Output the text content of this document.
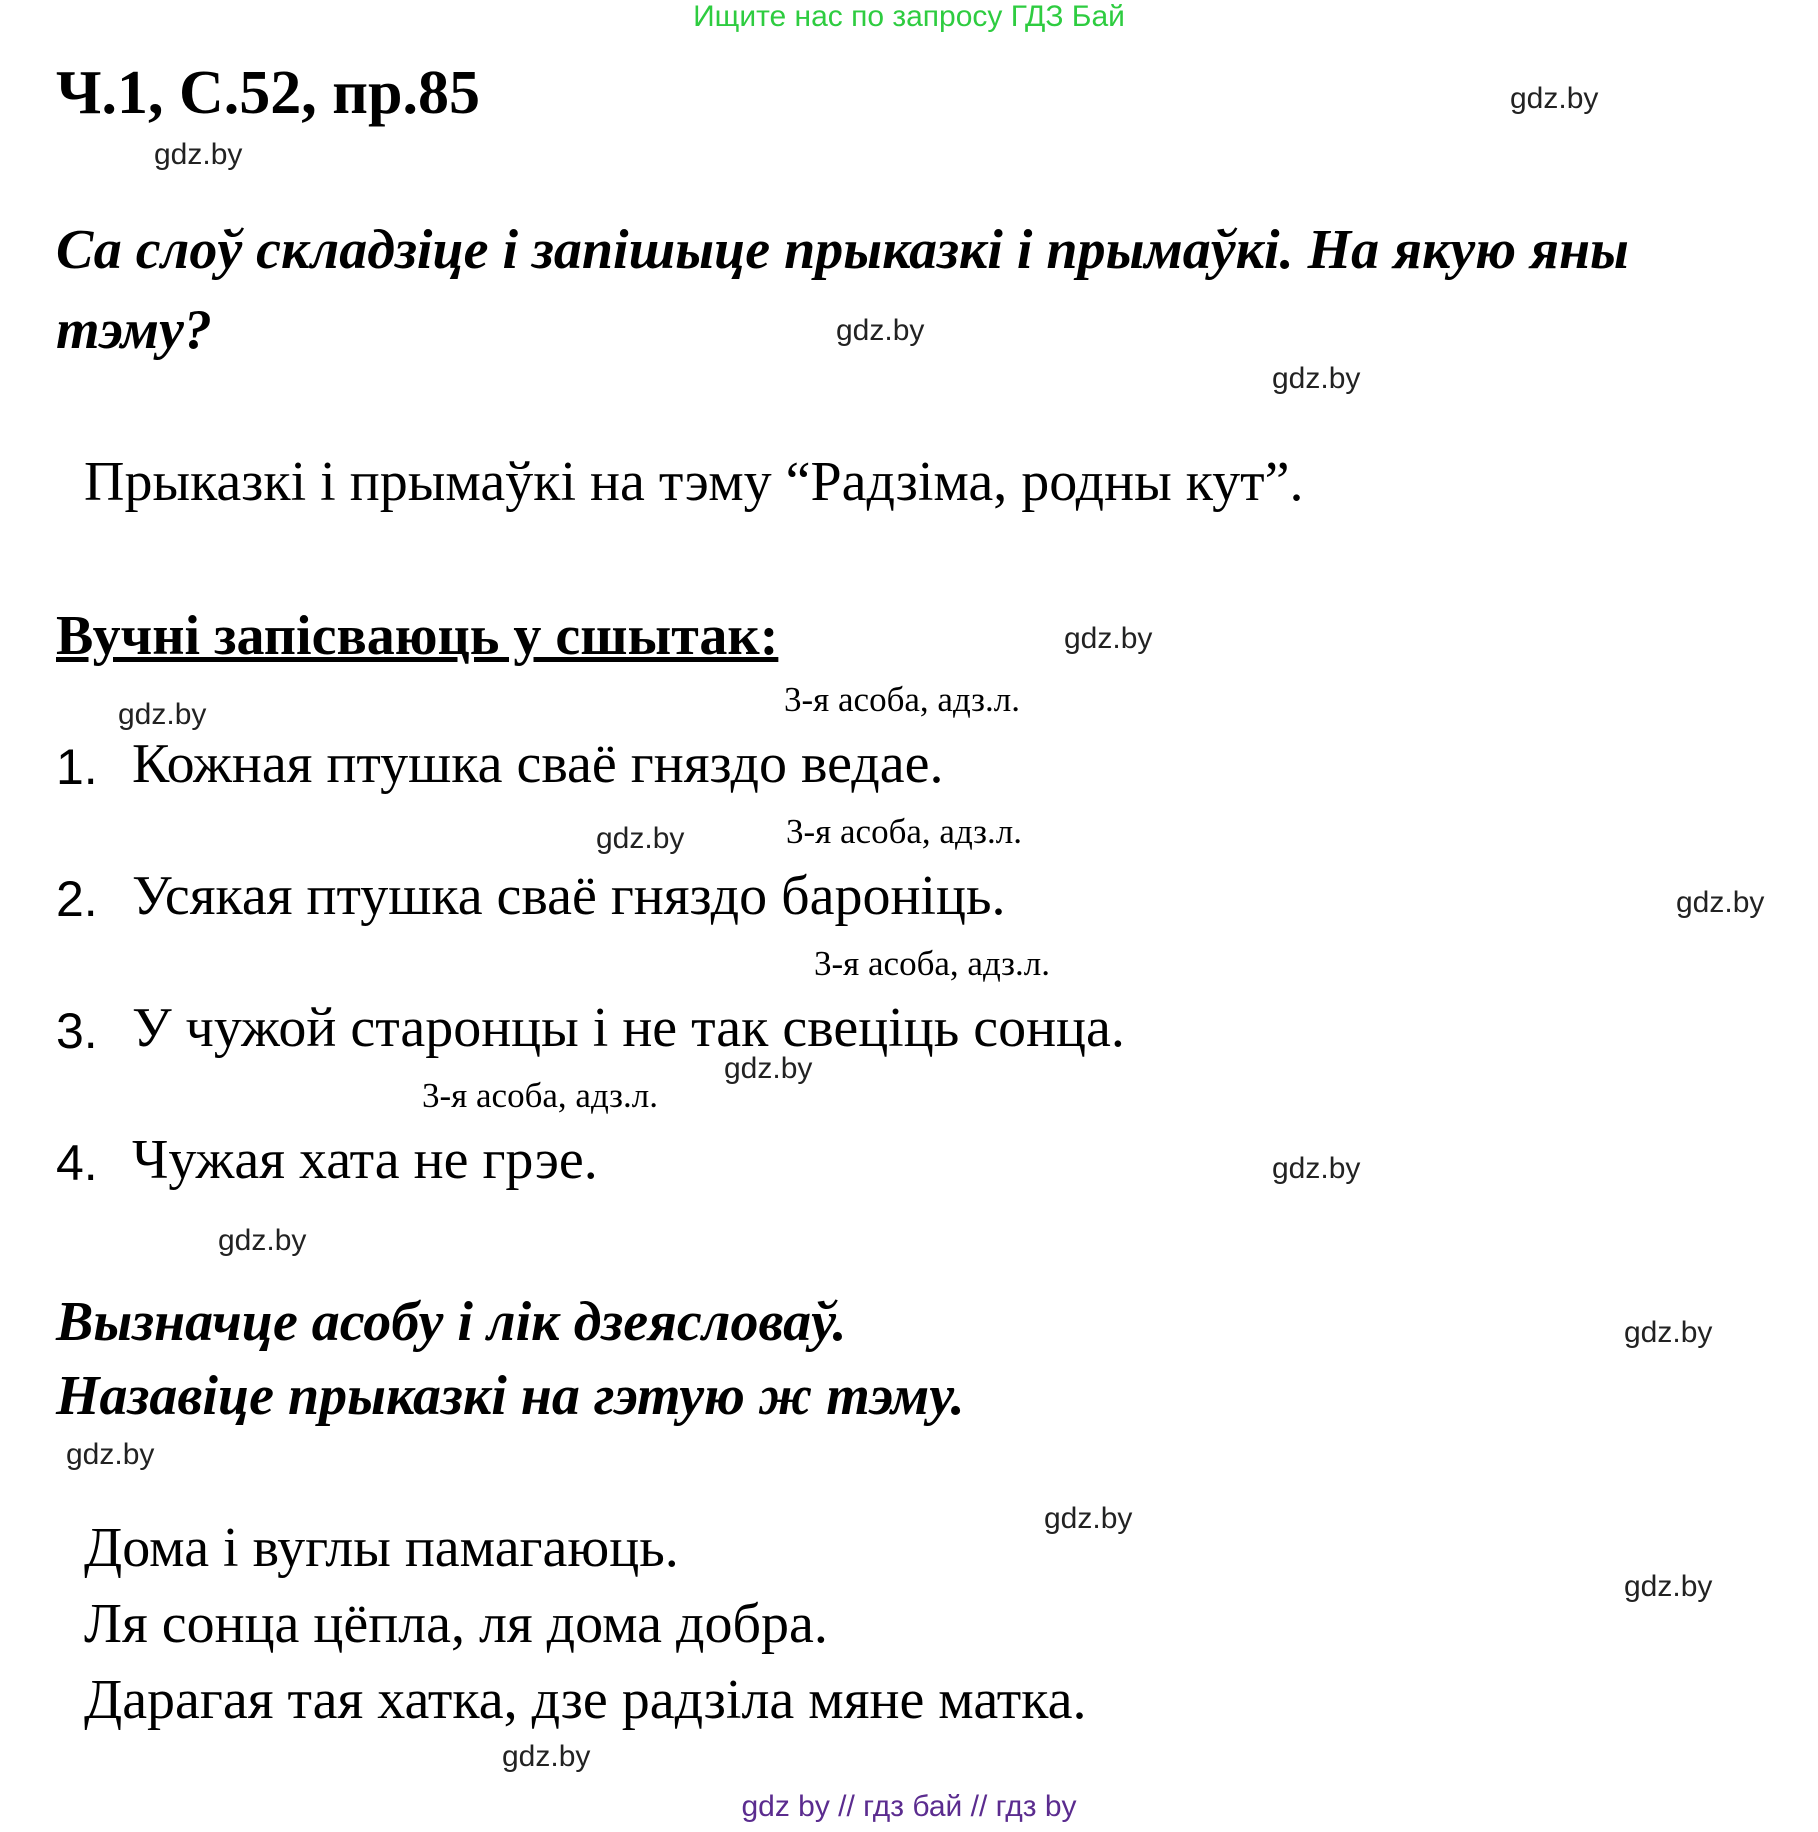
Ищите нас по запросу ГДЗ Бай
Ч.1, С.52, пр.85
Са слоў складзіце і запішыце прыказкі і прымаўкі. На якую яны
тэму?
Прыказкі і прымаўкі на тэму “Радзіма, родны кут”.
Вучні запісваюць у сшытак:
3-я асоба, адз.л.
1. Кожная птушка сваё гняздо ведае.
3-я асоба, адз.л.
2. Усякая птушка сваё гняздо бароніць.
3-я асоба, адз.л.
3. У чужой старонцы і не так свеціць сонца.
3-я асоба, адз.л.
4. Чужая хата не грэе.
Вызначце асобу і лік дзеясловаў.
Назавіце прыказкі на гэтую ж тэму.
Дома і вуглы памагаюць.
Ля сонца цёпла, ля дома добра.
Дарагая тая хатка, дзе радзіла мяне матка.
gdz.by
gdz.by
gdz.by
gdz.by
gdz.by
gdz.by
gdz.by
gdz.by
gdz.by
gdz.by
gdz.by
gdz.by
gdz.by
gdz.by
gdz.by
gdz.by
gdz by // гдз бай // гдз by
